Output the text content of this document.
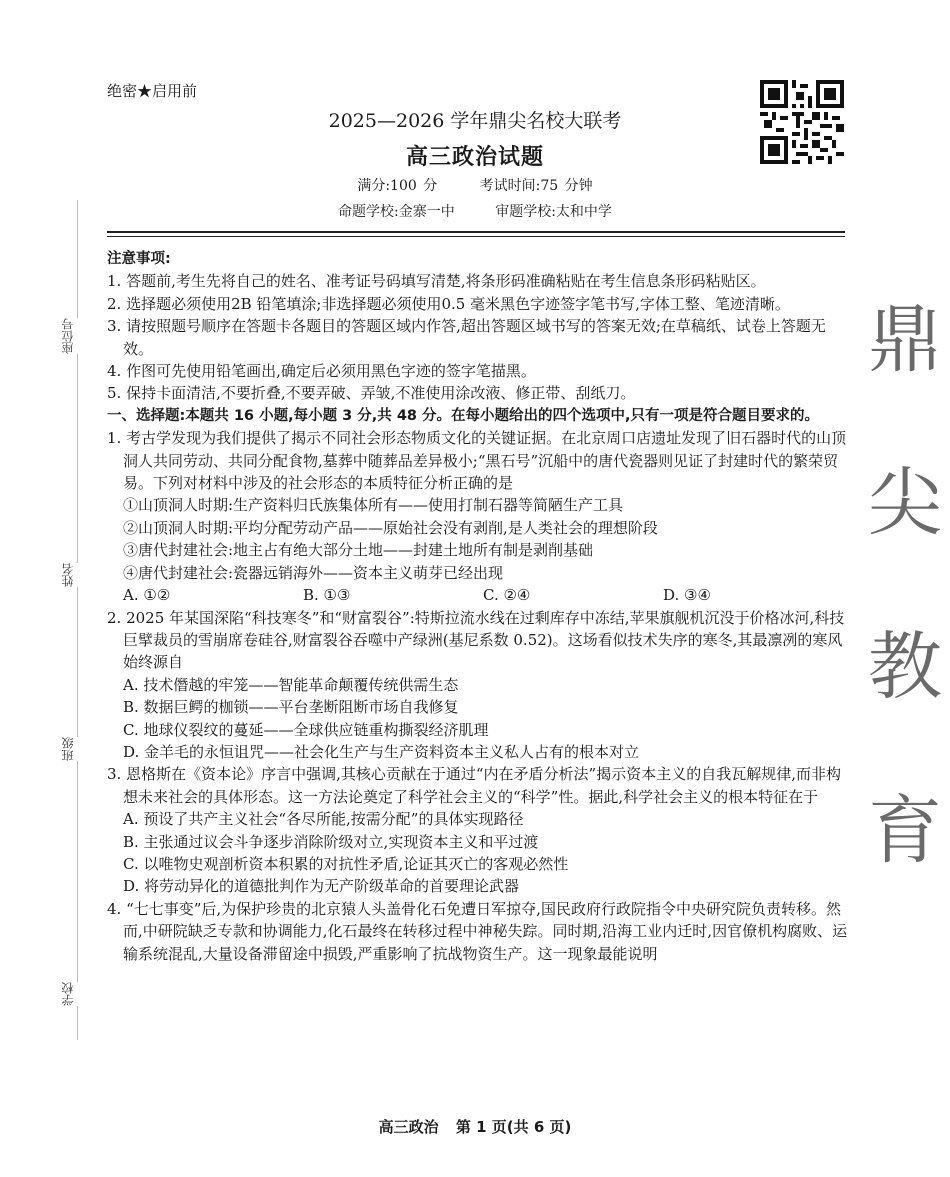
绝密★启用前
2025—2026 学年鼎尖名校大联考
高三政治试题
满分:100 分	考试时间:75 分钟
命题学校:金寨一中	审题学校:太和中学
座位号
姓名
班级
学校
鼎
尖
教
育

注意事项:

1. 答题前,考生先将自己的姓名、准考证号码填写清楚,将条形码准确粘贴在考生信息条形码粘贴区。

2. 选择题必须使用2B 铅笔填涂;非选择题必须使用0.5 毫米黑色字迹签字笔书写,字体工整、笔迹清晰。

3. 请按照题号顺序在答题卡各题目的答题区域内作答,超出答题区域书写的答案无效;在草稿纸、试卷上答题无效。

4. 作图可先使用铅笔画出,确定后必须用黑色字迹的签字笔描黑。

5. 保持卡面清洁,不要折叠,不要弄破、弄皱,不准使用涂改液、修正带、刮纸刀。

一、选择题:本题共 16 小题,每小题 3 分,共 48 分。在每小题给出的四个选项中,只有一项是符合题目要求的。

1. 考古学发现为我们提供了揭示不同社会形态物质文化的关键证据。在北京周口店遗址发现了旧石器时代的山顶洞人共同劳动、共同分配食物,墓葬中随葬品差异极小;“黑石号”沉船中的唐代瓷器则见证了封建时代的繁荣贸易。下列对材料中涉及的社会形态的本质特征分析正确的是

①山顶洞人时期:生产资料归氏族集体所有——使用打制石器等简陋生产工具

②山顶洞人时期:平均分配劳动产品——原始社会没有剥削,是人类社会的理想阶段

③唐代封建社会:地主占有绝大部分土地——封建土地所有制是剥削基础

④唐代封建社会:瓷器远销海外——资本主义萌芽已经出现

A. ①②	B. ①③	C. ②④	D. ③④

2. 2025 年某国深陷“科技寒冬”和“财富裂谷”:特斯拉流水线在过剩库存中冻结,苹果旗舰机沉没于价格冰河,科技巨擘裁员的雪崩席卷硅谷,财富裂谷吞噬中产绿洲(基尼系数 0.52)。这场看似技术失序的寒冬,其最凛冽的寒风始终源自

A. 技术僭越的牢笼——智能革命颠覆传统供需生态

B. 数据巨鳄的枷锁——平台垄断阻断市场自我修复

C. 地球仪裂纹的蔓延——全球供应链重构撕裂经济肌理

D. 金羊毛的永恒诅咒——社会化生产与生产资料资本主义私人占有的根本对立

3. 恩格斯在《资本论》序言中强调,其核心贡献在于通过“内在矛盾分析法”揭示资本主义的自我瓦解规律,而非构想未来社会的具体形态。这一方法论奠定了科学社会主义的“科学”性。据此,科学社会主义的根本特征在于

A. 预设了共产主义社会“各尽所能,按需分配”的具体实现路径

B. 主张通过议会斗争逐步消除阶级对立,实现资本主义和平过渡

C. 以唯物史观剖析资本积累的对抗性矛盾,论证其灭亡的客观必然性

D. 将劳动异化的道德批判作为无产阶级革命的首要理论武器

4. “七七事变”后,为保护珍贵的北京猿人头盖骨化石免遭日军掠夺,国民政府行政院指令中央研究院负责转移。然而,中研院缺乏专款和协调能力,化石最终在转移过程中神秘失踪。同时期,沿海工业内迁时,因官僚机构腐败、运输系统混乱,大量设备滞留途中损毁,严重影响了抗战物资生产。这一现象最能说明

高三政治 第 1 页(共 6 页)
